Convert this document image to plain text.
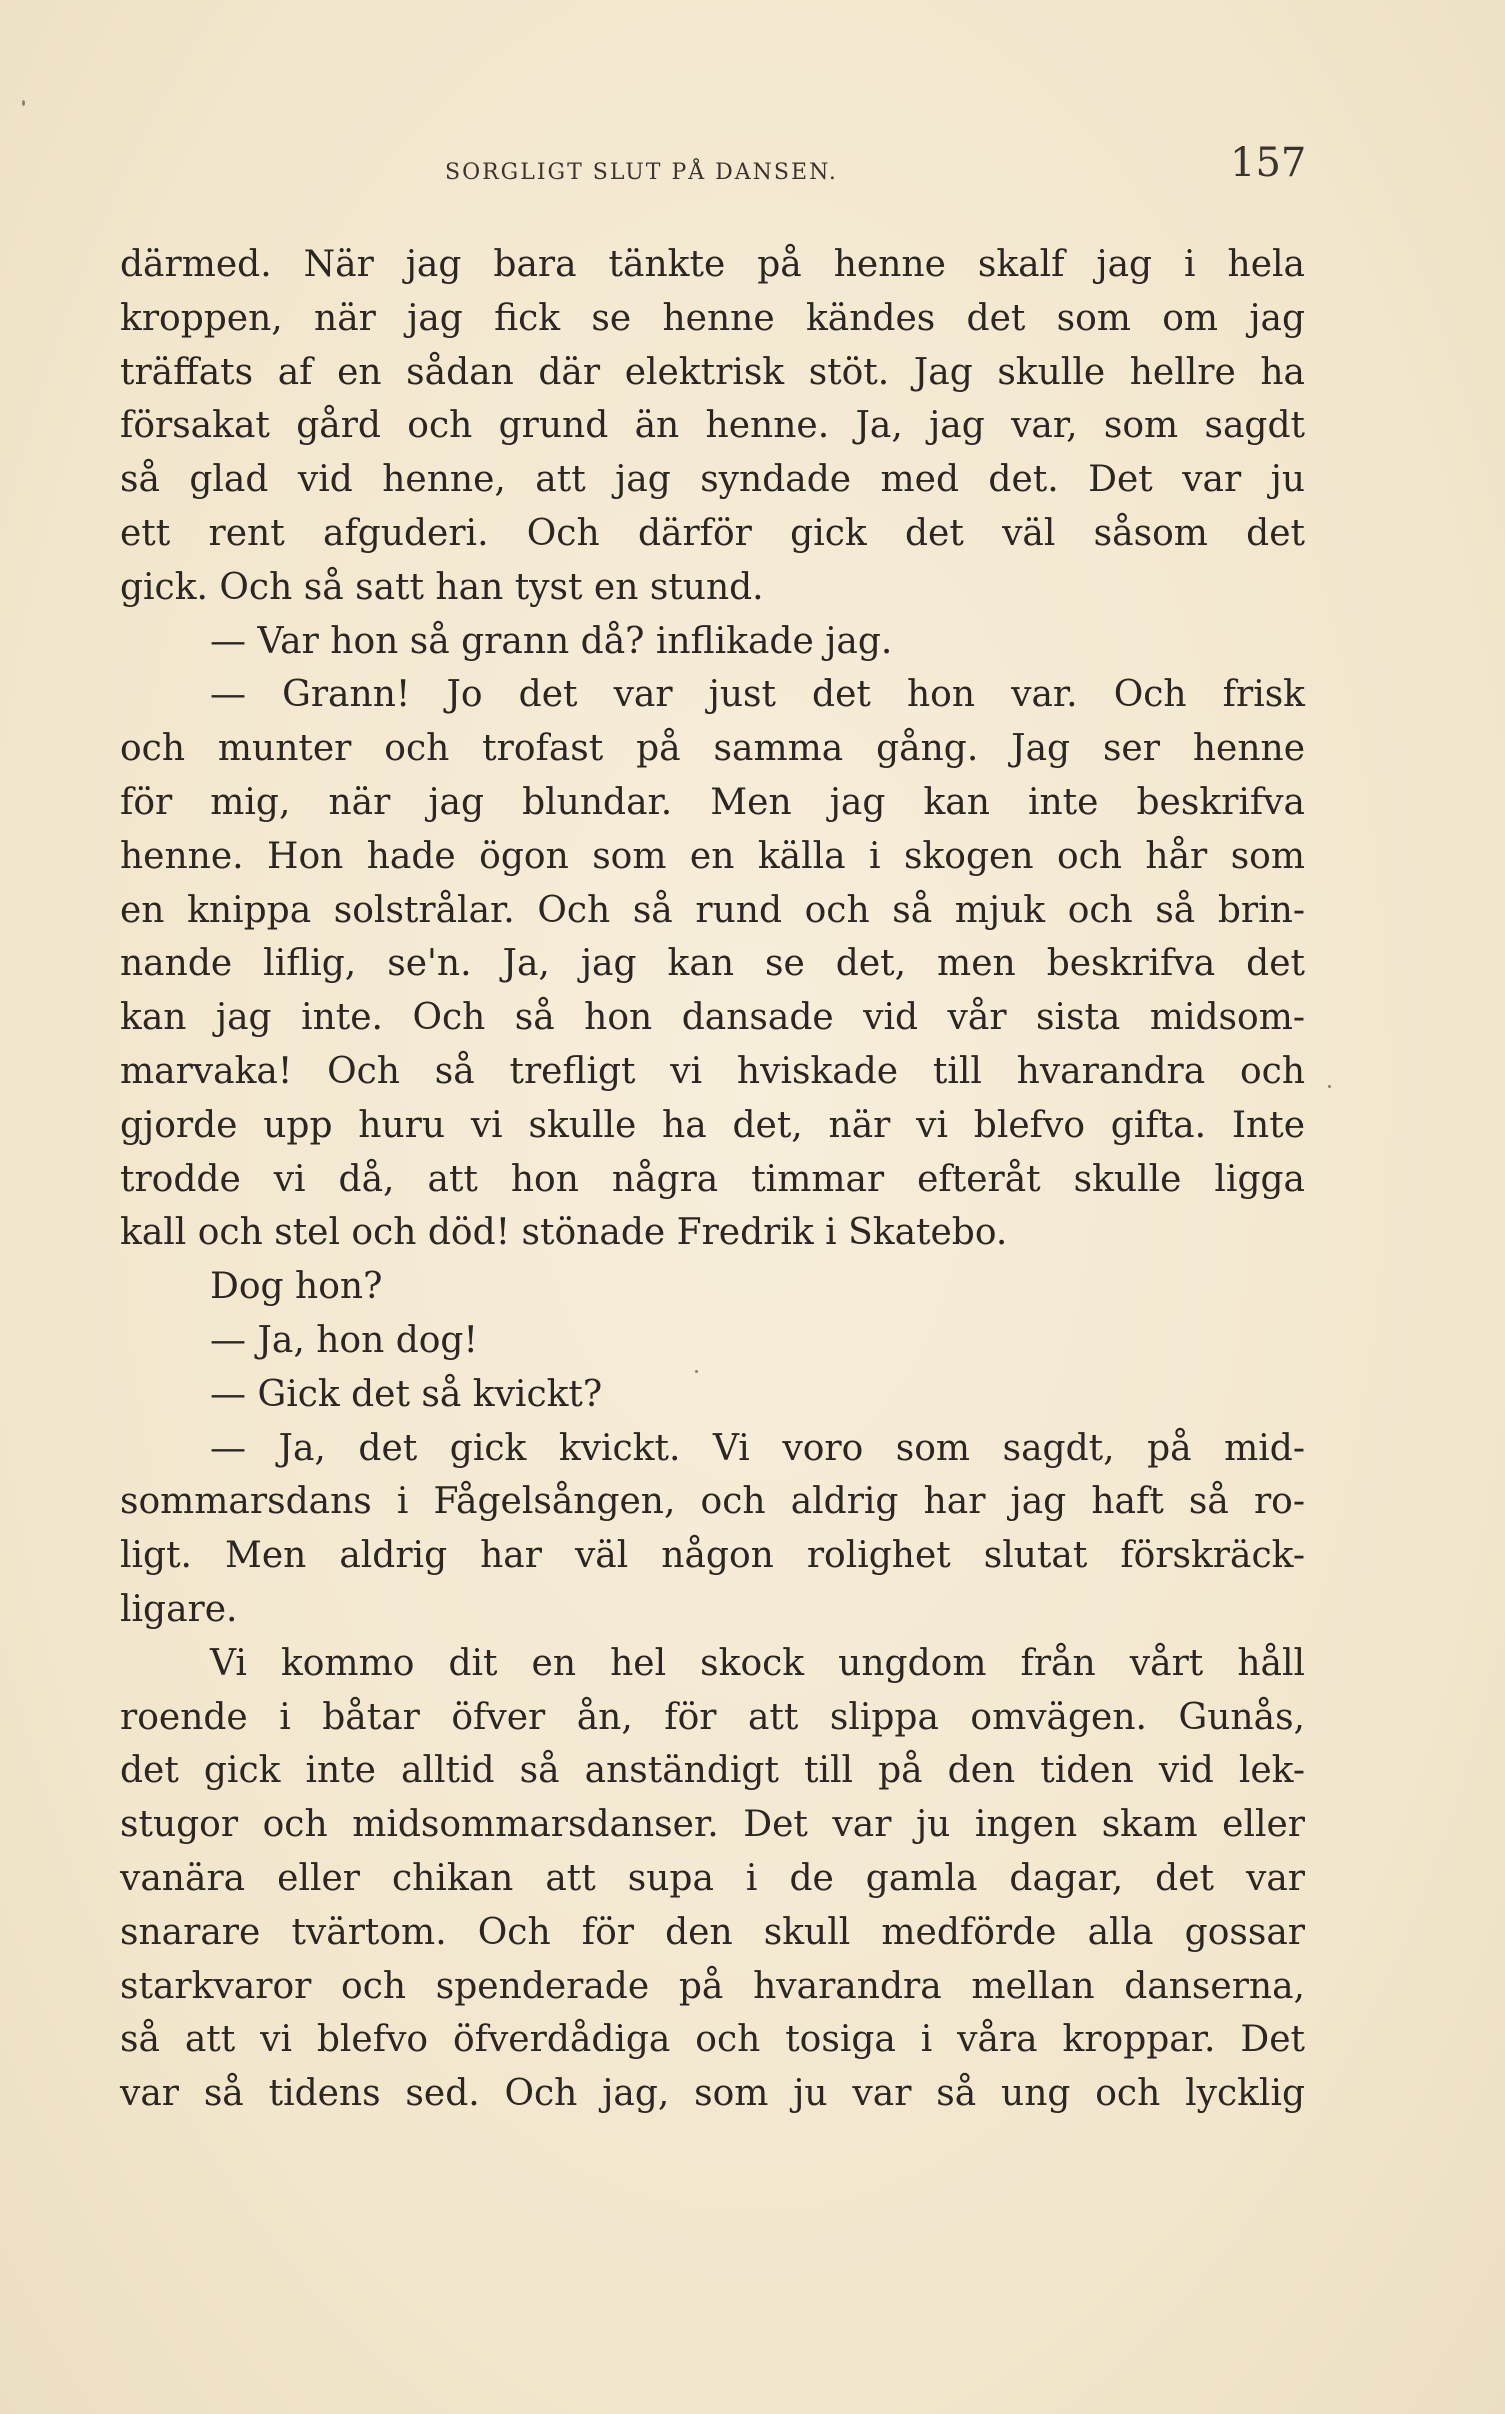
SORGLIGT SLUT PÅ DANSEN.	157
därmed. När jag bara tänkte på henne skalf jag i hela
kroppen, när jag fick se henne kändes det som om jag
träffats af en sådan där elektrisk stöt. Jag skulle hellre ha
försakat gård och grund än henne. Ja, jag var, som sagdt
så glad vid henne, att jag syndade med det. Det var ju
ett rent afguderi. Och därför gick det väl såsom det
gick. Och så satt han tyst en stund.
— Var hon så grann då? inflikade jag.
— Grann! Jo det var just det hon var. Och frisk
och munter och trofast på samma gång. Jag ser henne
för mig, när jag blundar. Men jag kan inte beskrifva
henne. Hon hade ögon som en källa i skogen och hår som
en knippa solstrålar. Och så rund och så mjuk och så brin-
nande liflig, se'n. Ja, jag kan se det, men beskrifva det
kan jag inte. Och så hon dansade vid vår sista midsom-
marvaka! Och så trefligt vi hviskade till hvarandra och
gjorde upp huru vi skulle ha det, när vi blefvo gifta. Inte
trodde vi då, att hon några timmar efteråt skulle ligga
kall och stel och död! stönade Fredrik i Skatebo.
Dog hon?
— Ja, hon dog!
— Gick det så kvickt?
— Ja, det gick kvickt. Vi voro som sagdt, på mid-
sommarsdans i Fågelsången, och aldrig har jag haft så ro-
ligt. Men aldrig har väl någon rolighet slutat förskräck-
ligare.
Vi kommo dit en hel skock ungdom från vårt håll
roende i båtar öfver ån, för att slippa omvägen. Gunås,
det gick inte alltid så anständigt till på den tiden vid lek-
stugor och midsommarsdanser. Det var ju ingen skam eller
vanära eller chikan att supa i de gamla dagar, det var
snarare tvärtom. Och för den skull medförde alla gossar
starkvaror och spenderade på hvarandra mellan danserna,
så att vi blefvo öfverdådiga och tosiga i våra kroppar. Det
var så tidens sed. Och jag, som ju var så ung och lycklig
